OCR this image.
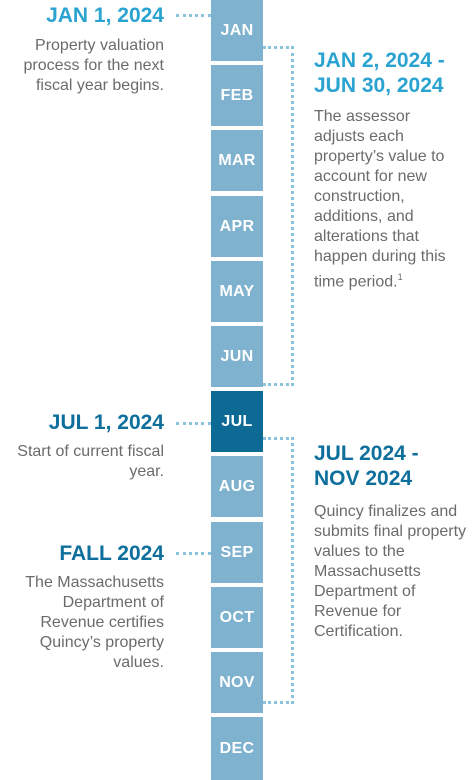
JAN
FEB
MAR
APR
MAY
JUN
JUL
AUG
SEP
OCT
NOV
DEC
JAN 1, 2024
Property valuation process for the next fiscal year begins.
JAN 2, 2024 -
JUN 30, 2024
The assessor adjusts each property’s value to account for new construction, additions, and alterations that happen during this time period.$^1$
JUL 1, 2024
Start of current fiscal year.
JUL 2024 -
NOV 2024
Quincy finalizes and submits final property values to the Massachusetts Department of Revenue for Certification.
FALL 2024
The Massachusetts Department of Revenue certifies Quincy’s property values.
